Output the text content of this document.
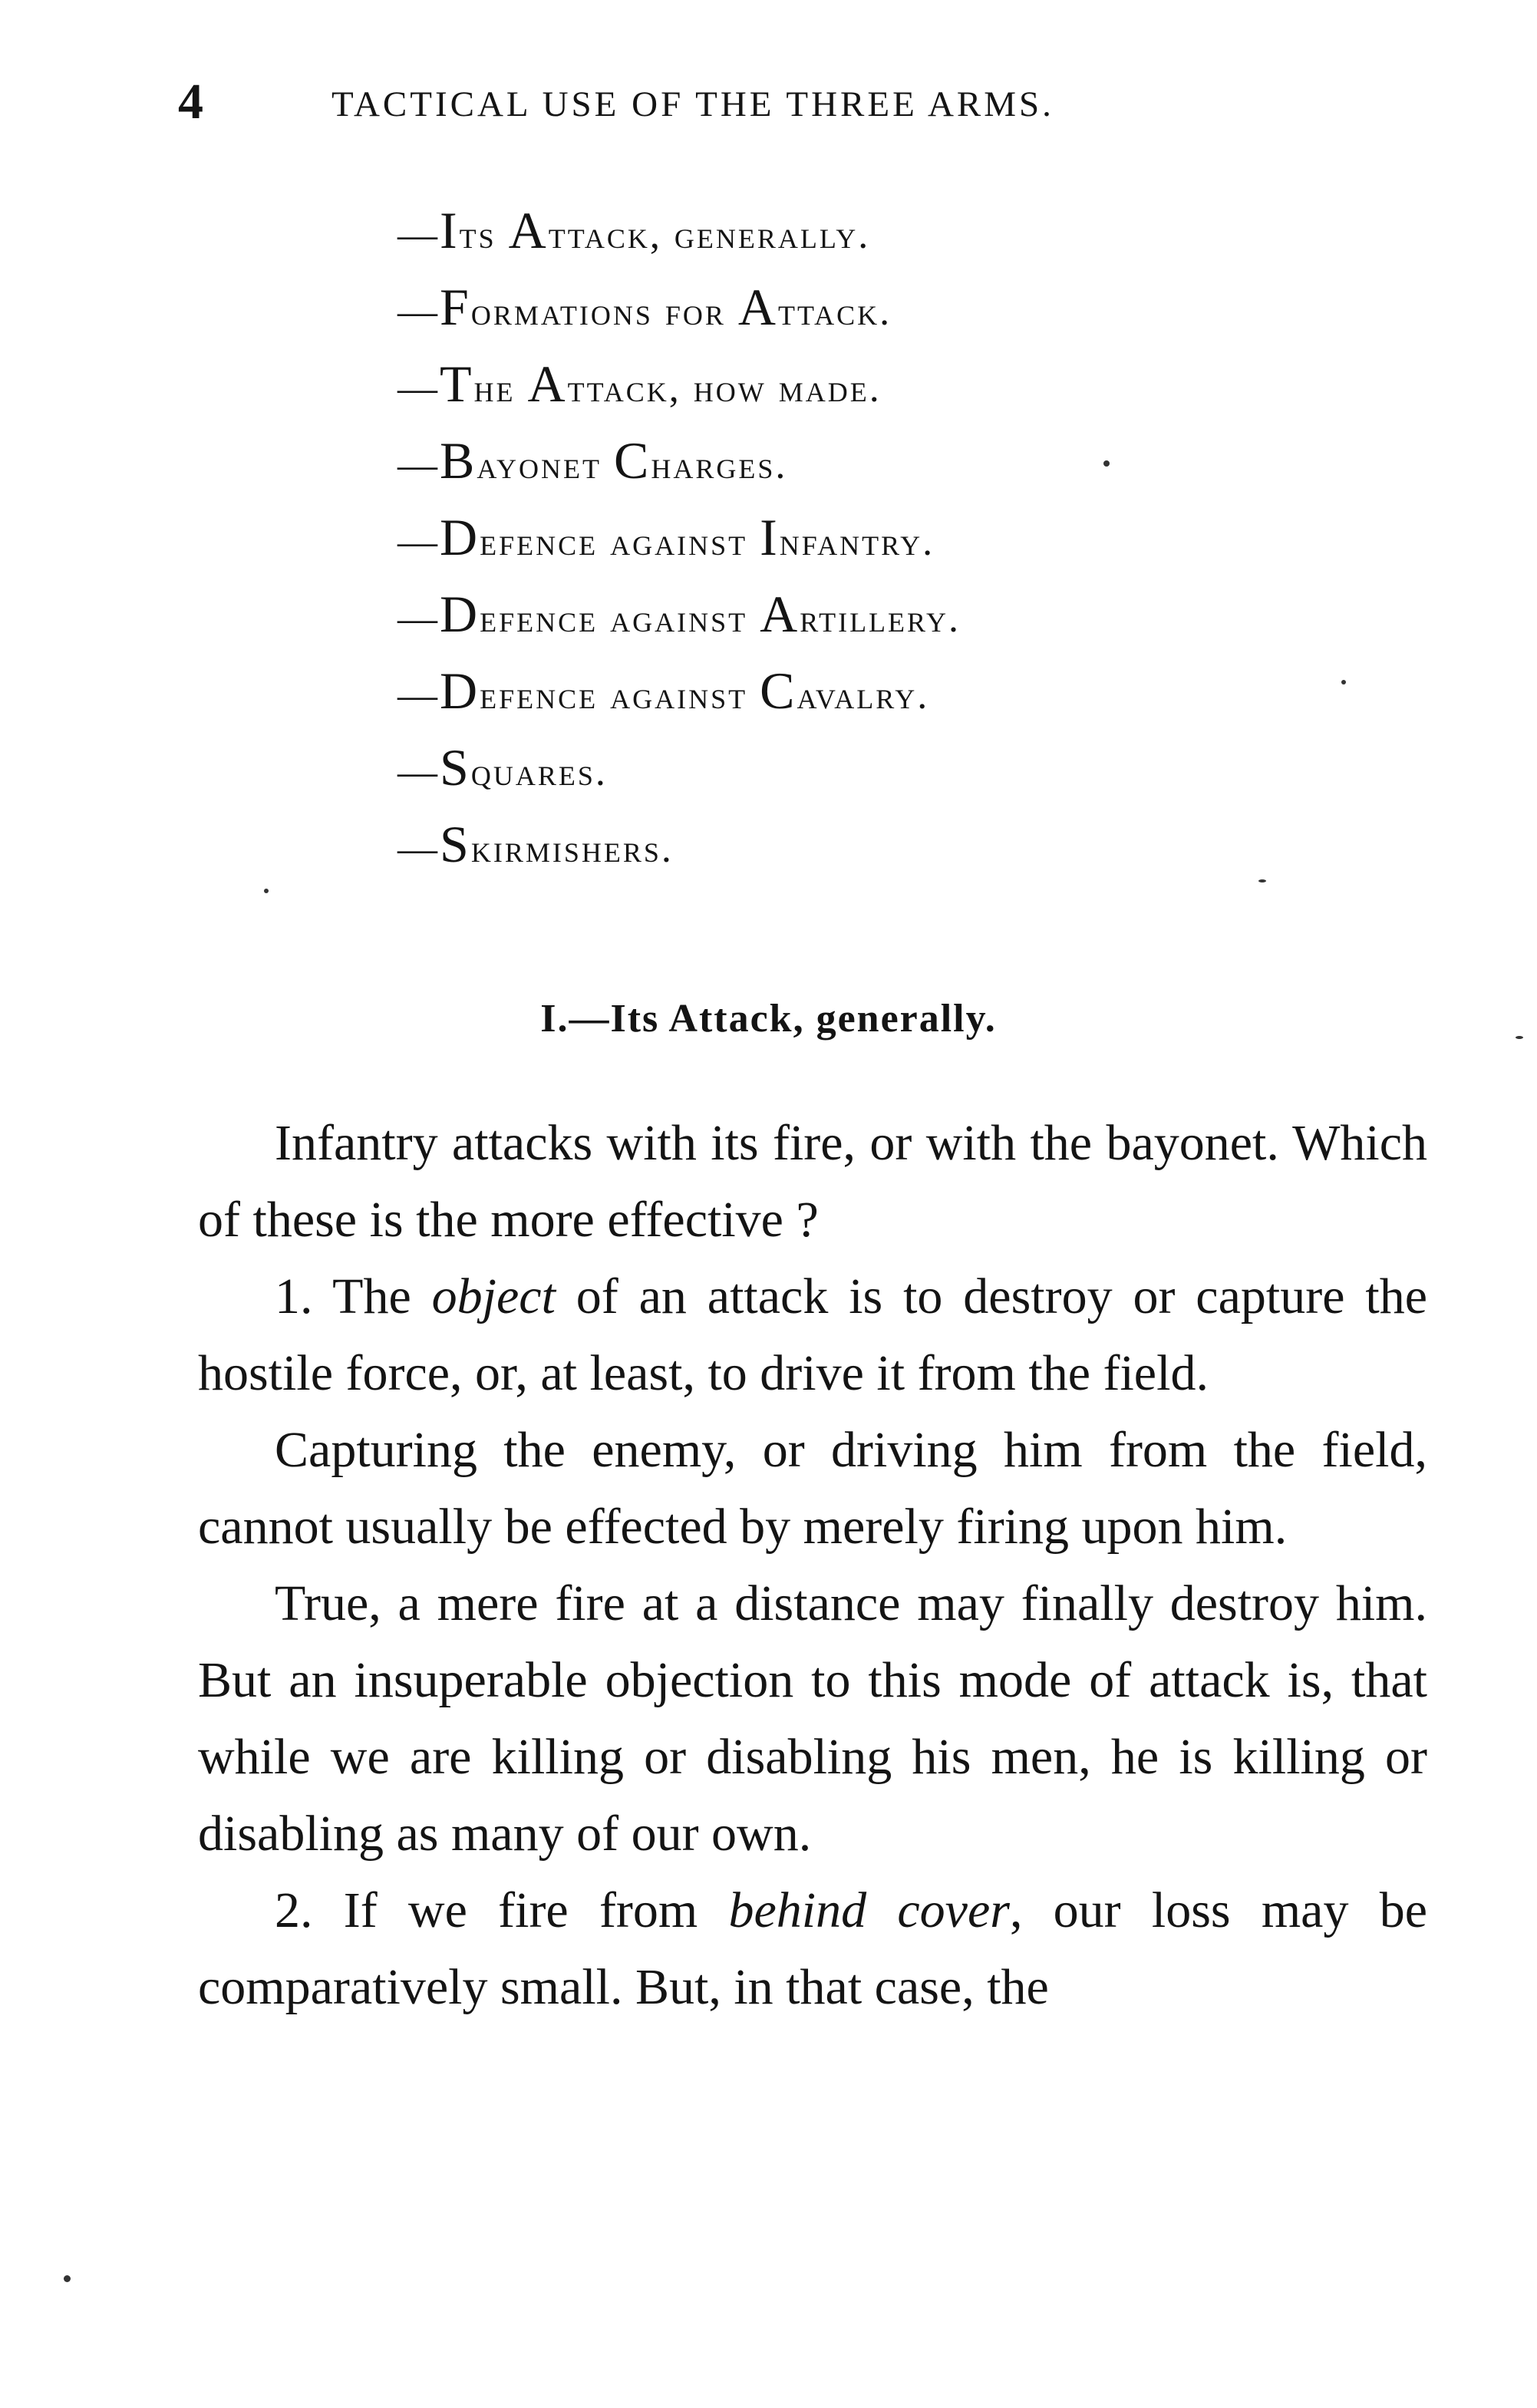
4	TACTICAL USE OF THE THREE ARMS.
—Its Attack, generally.
—Formations for Attack.
—The Attack, how made.
—Bayonet Charges.
—Defence against Infantry.
—Defence against Artillery.
—Defence against Cavalry.
—Squares.
—Skirmishers.
I.—Its Attack, generally.

Infantry attacks with its fire, or with the bayonet. Which of these is the more effective ?

1. The object of an attack is to destroy or capture the hostile force, or, at least, to drive it from the field.

Capturing the enemy, or driving him from the field, cannot usually be effected by merely firing upon him.

True, a mere fire at a distance may finally destroy him. But an insuperable objection to this mode of attack is, that while we are killing or disabling his men, he is killing or disabling as many of our own.

2. If we fire from behind cover, our loss may be comparatively small. But, in that case, the
